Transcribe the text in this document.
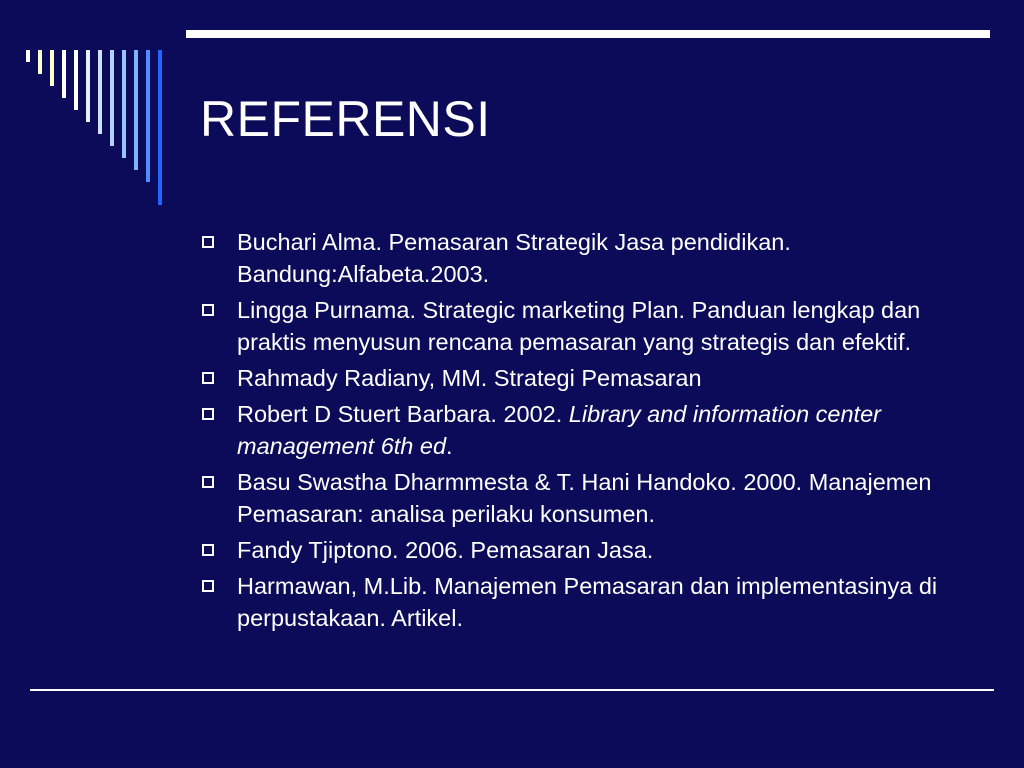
REFERENSI
Buchari Alma. Pemasaran Strategik Jasa pendidikan. Bandung:Alfabeta.2003.
Lingga Purnama. Strategic marketing Plan. Panduan lengkap dan praktis menyusun rencana pemasaran yang strategis dan efektif.
Rahmady Radiany, MM. Strategi Pemasaran
Robert D Stuert Barbara. 2002. Library and information center management 6th ed.
Basu Swastha Dharmmesta & T. Hani Handoko. 2000. Manajemen Pemasaran: analisa perilaku konsumen.
Fandy Tjiptono. 2006. Pemasaran Jasa.
Harmawan, M.Lib. Manajemen Pemasaran dan implementasinya di perpustakaan. Artikel.
